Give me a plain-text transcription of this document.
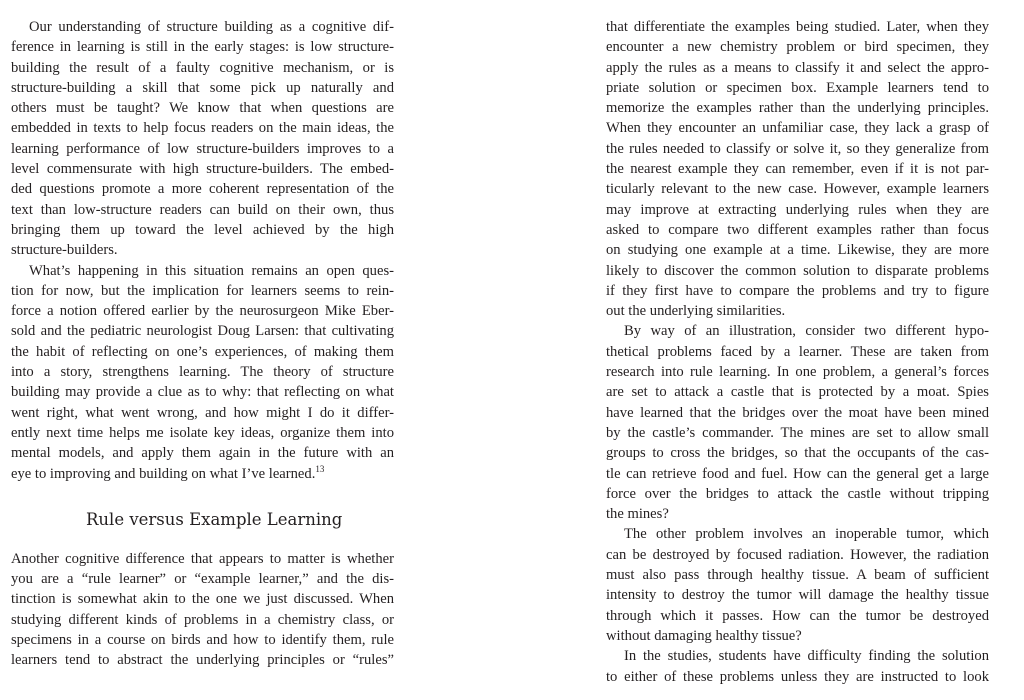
Our understanding of structure building as a cognitive dif-
ference in learning is still in the early stages: is low structure-
building the result of a faulty cognitive mechanism, or is
structure-building a skill that some pick up naturally and
others must be taught? We know that when questions are
embedded in texts to help focus readers on the main ideas, the
learning performance of low structure-builders improves to a
level commensurate with high structure-builders. The embed-
ded questions promote a more coherent representation of the
text than low-structure readers can build on their own, thus
bringing them up toward the level achieved by the high
structure-builders.
What’s happening in this situation remains an open ques-
tion for now, but the implication for learners seems to rein-
force a notion offered earlier by the neurosurgeon Mike Eber-
sold and the pediatric neurologist Doug Larsen: that cultivating
the habit of reflecting on one’s experiences, of making them
into a story, strengthens learning. The theory of structure
building may provide a clue as to why: that reflecting on what
went right, what went wrong, and how might I do it differ-
ently next time helps me isolate key ideas, organize them into
mental models, and apply them again in the future with an
eye to improving and building on what I’ve learned.$^{13}$
Rule versus Example Learning
Another cognitive difference that appears to matter is whether
you are a “rule learner” or “example learner,” and the dis-
tinction is somewhat akin to the one we just discussed. When
studying different kinds of problems in a chemistry class, or
specimens in a course on birds and how to identify them, rule
learners tend to abstract the underlying principles or “rules”
that differentiate the examples being studied. Later, when they
encounter a new chemistry problem or bird specimen, they
apply the rules as a means to classify it and select the appro-
priate solution or specimen box. Example learners tend to
memorize the examples rather than the underlying principles.
When they encounter an unfamiliar case, they lack a grasp of
the rules needed to classify or solve it, so they generalize from
the nearest example they can remember, even if it is not par-
ticularly relevant to the new case. However, example learners
may improve at extracting underlying rules when they are
asked to compare two different examples rather than focus
on studying one example at a time. Likewise, they are more
likely to discover the common solution to disparate problems
if they first have to compare the problems and try to figure
out the underlying similarities.
By way of an illustration, consider two different hypo-
thetical problems faced by a learner. These are taken from
research into rule learning. In one problem, a general’s forces
are set to attack a castle that is protected by a moat. Spies
have learned that the bridges over the moat have been mined
by the castle’s commander. The mines are set to allow small
groups to cross the bridges, so that the occupants of the cas-
tle can retrieve food and fuel. How can the general get a large
force over the bridges to attack the castle without tripping
the mines?
The other problem involves an inoperable tumor, which
can be destroyed by focused radiation. However, the radiation
must also pass through healthy tissue. A beam of sufficient
intensity to destroy the tumor will damage the healthy tissue
through which it passes. How can the tumor be destroyed
without damaging healthy tissue?
In the studies, students have difficulty finding the solution
to either of these problems unless they are instructed to look
